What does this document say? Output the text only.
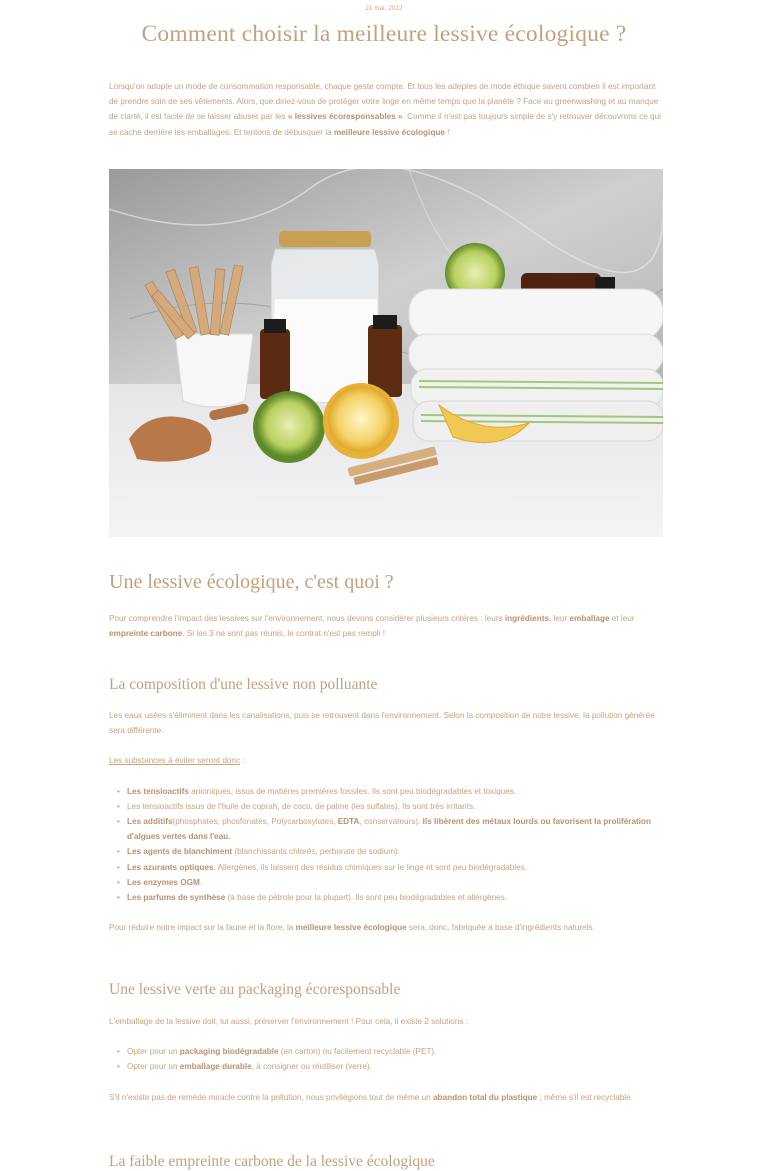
21 mai, 2022
Comment choisir la meilleure lessive écologique ?

Lorsqu'on adopte un mode de consommation responsable, chaque geste compte. Et tous les adeptes de mode éthique savent combien il est important de prendre soin de ses vêtements. Alors, que diriez-vous de protéger votre linge en même temps que la planète ? Face au greenwashing et au manque de clarté, il est facile de se laisser abuser par les « lessives écoresponsables ». Comme il n'est pas toujours simple de s'y retrouver découvrons ce qui se cache derrière les emballages. Et tentons de débusquer la meilleure lessive écologique !

Une lessive écologique, c'est quoi ?

Pour comprendre l'impact des lessives sur l'environnement, nous devons considérer plusieurs critères : leurs ingrédients, leur emballage et leur empreinte carbone. Si les 3 ne sont pas réunis, le contrat n'est pas rempli !

La composition d'une lessive non polluante

Les eaux usées s'éliminent dans les canalisations, puis se retrouvent dans l'environnement. Selon la composition de notre lessive, la pollution générée sera différente.

Les substances à éviter seront donc :

• Les tensioactifs anioniques, issus de matières premières fossiles. Ils sont peu biodégradables et toxiques.
• Les tensioactifs issus de l'huile de coprah, de coco, de palme (les sulfates). Ils sont très irritants.
• Les additifs(phosphates, phosfonates, Polycarboxylates, EDTA, conservateurs). Ils libèrent des métaux lourds ou favorisent la prolifération d'algues vertes dans l'eau.
• Les agents de blanchiment (blanchissants chlorés, perborate de sodium).
• Les azurants optiques. Allergènes, ils laissent des résidus chimiques sur le linge et sont peu biodégradables.
• Les enzymes OGM.
• Les parfums de synthèse (à base de pétrole pour la plupart). Ils sont peu biodégradables et allergènes.

Pour réduire notre impact sur la faune et la flore, la meilleure lessive écologique sera, donc, fabriquée à base d'ingrédients naturels.

Une lessive verte au packaging écoresponsable

L'emballage de la lessive doit, lui aussi, préserver l'environnement ! Pour cela, il existe 2 solutions :

• Opter pour un packaging biodégradable (en carton) ou facilement recyclable (PET).
• Opter pour un emballage durable, à consigner ou réutiliser (verre).

S'il n'existe pas de remède miracle contre la pollution, nous privilégions tout de même un abandon total du plastique ; même s'il est recyclable.

La faible empreinte carbone de la lessive écologique
